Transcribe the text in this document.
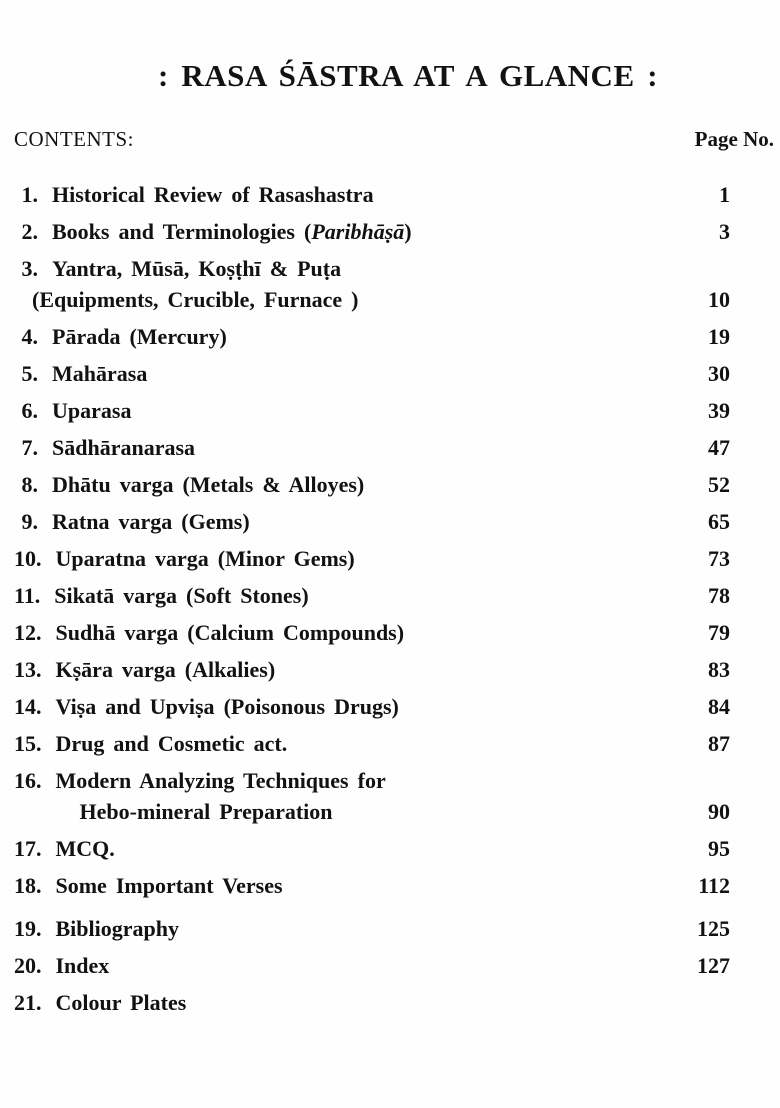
: RASA ŚĀSTRA AT A GLANCE :
CONTENTS:	Page No.
1. Historical Review of Rasashastra	1
2. Books and Terminologies (Paribhāṣā)	3
3. Yantra, Mūsā, Koṣṭhī & Puṭa
(Equipments, Crucible, Furnace )	10
4. Pārada (Mercury)	19
5. Mahārasa	30
6. Uparasa	39
7. Sādhāranarasa	47
8. Dhātu varga (Metals & Alloyes)	52
9. Ratna varga (Gems)	65
10. Uparatna varga (Minor Gems)	73
11. Sikatā varga (Soft Stones)	78
12. Sudhā varga (Calcium Compounds)	79
13. Kṣāra varga (Alkalies)	83
14. Viṣa and Upviṣa (Poisonous Drugs)	84
15. Drug and Cosmetic act.	87
16. Modern Analyzing Techniques for
Hebo-mineral Preparation	90
17. MCQ.	95
18. Some Important Verses	112
19. Bibliography	125
20. Index	127
21. Colour Plates
